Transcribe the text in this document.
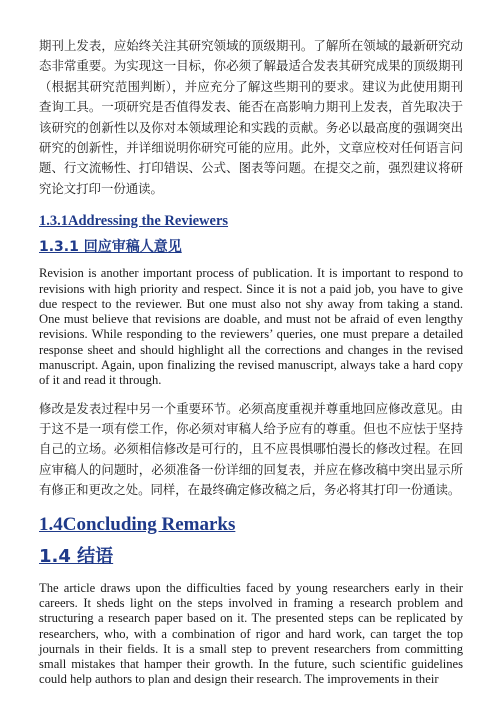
期刊上发表，应始终关注其研究领域的顶级期刊。了解所在领域的最新研究动态非常重要。为实现这一目标，你必须了解最适合发表其研究成果的顶级期刊（根据其研究范围判断），并应充分了解这些期刊的要求。建议为此使用期刊查询工具。一项研究是否值得发表、能否在高影响力期刊上发表，首先取决于该研究的创新性以及你对本领域理论和实践的贡献。务必以最高度的强调突出研究的创新性，并详细说明你研究可能的应用。此外，文章应校对任何语言问题、行文流畅性、打印错误、公式、图表等问题。在提交之前，强烈建议将研究论文打印一份通读。

1.3.1Addressing the Reviewers

1.3.1 回应审稿人意见

Revision is another important process of publication. It is important to respond to revisions with high priority and respect. Since it is not a paid job, you have to give due respect to the reviewer. But one must also not shy away from taking a stand. One must believe that revisions are doable, and must not be afraid of even lengthy revisions. While responding to the reviewers’ queries, one must prepare a detailed response sheet and should highlight all the corrections and changes in the revised manuscript. Again, upon finalizing the revised manuscript, always take a hard copy of it and read it through.

修改是发表过程中另一个重要环节。必须高度重视并尊重地回应修改意见。由于这不是一项有偿工作，你必须对审稿人给予应有的尊重。但也不应怯于坚持自己的立场。必须相信修改是可行的，且不应畏惧哪怕漫长的修改过程。在回应审稿人的问题时，必须准备一份详细的回复表，并应在修改稿中突出显示所有修正和更改之处。同样，在最终确定修改稿之后，务必将其打印一份通读。

1.4Concluding Remarks

1.4 结语

The article draws upon the difficulties faced by young researchers early in their careers. It sheds light on the steps involved in framing a research problem and structuring a research paper based on it. The presented steps can be replicated by researchers, who, with a combination of rigor and hard work, can target the top journals in their fields. It is a small step to prevent researchers from committing small mistakes that hamper their growth. In the future, such scientific guidelines could help authors to plan and design their research. The improvements in their
